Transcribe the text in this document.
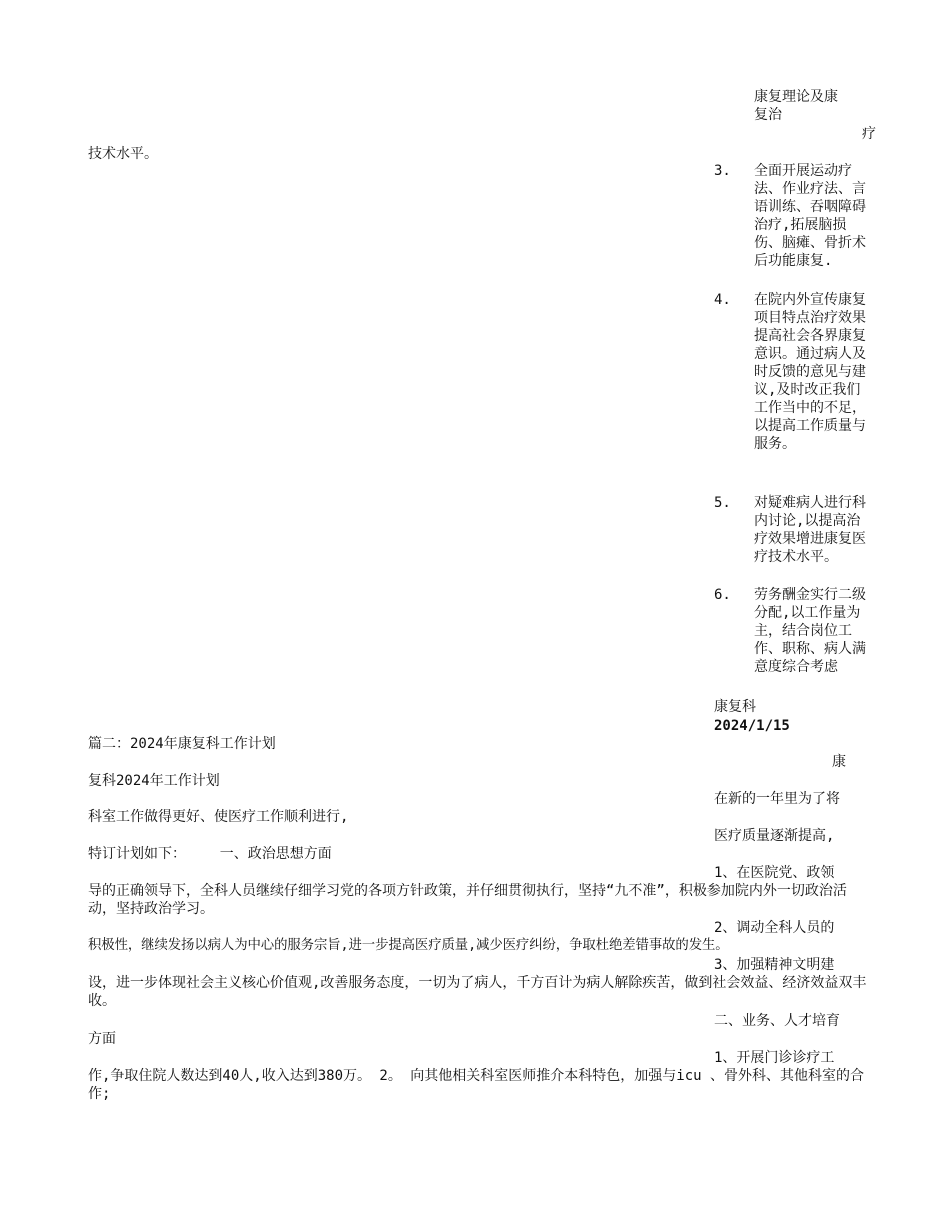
康复理论及康
复治
疗
技术水平。
3.	全面开展运动疗法、作业疗法、言语训练、吞咽障碍治疗,拓展脑损伤、脑瘫、骨折术后功能康复.
4.	在院内外宣传康复项目特点治疗效果提高社会各界康复意识。通过病人及时反馈的意见与建议,及时改正我们工作当中的不足，以提高工作质量与服务。
5.	对疑难病人进行科内讨论,以提高治疗效果增进康复医疗技术水平。
6.	劳务酬金实行二级分配,以工作量为主，结合岗位工作、职称、病人满意度综合考虑
康复科
2024/1/15
篇二：2024年康复科工作计划
康
复科2024年工作计划
在新的一年里为了将
科室工作做得更好、使医疗工作顺利进行,
医疗质量逐渐提高,
特订计划如下：    一、政治思想方面
1、在医院党、政领
导的正确领导下，全科人员继续仔细学习党的各项方针政策，并仔细贯彻执行，坚持“九不准”，积极参加院内外一切政治活动，坚持政治学习。
2、调动全科人员的
积极性，继续发扬以病人为中心的服务宗旨,进一步提高医疗质量,减少医疗纠纷，争取杜绝差错事故的发生。
3、加强精神文明建
设，进一步体现社会主义核心价值观,改善服务态度，一切为了病人，千方百计为病人解除疾苦，做到社会效益、经济效益双丰收。
二、业务、人才培育
方面
1、开展门诊诊疗工
作,争取住院人数达到40人,收入达到380万。 2。 向其他相关科室医师推介本科特色，加强与icu 、骨外科、其他科室的合作;
